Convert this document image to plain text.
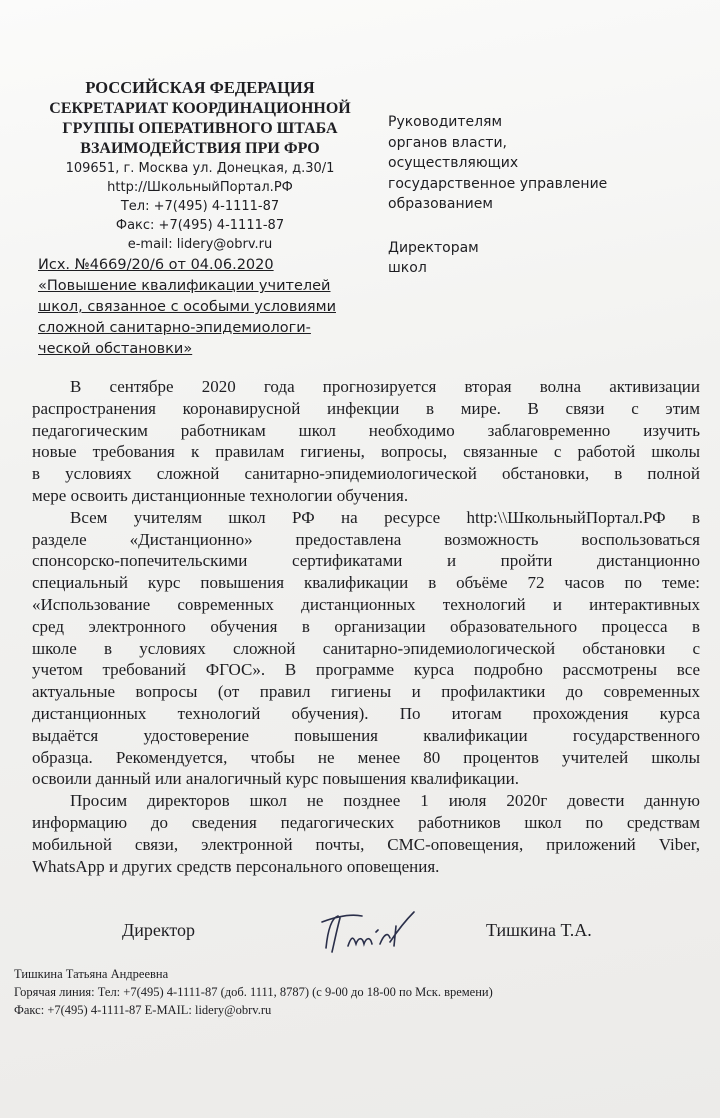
РОССИЙСКАЯ ФЕДЕРАЦИЯ
СЕКРЕТАРИАТ КООРДИНАЦИОННОЙ
ГРУППЫ ОПЕРАТИВНОГО ШТАБА
ВЗАИМОДЕЙСТВИЯ ПРИ ФРО
109651, г. Москва ул. Донецкая, д.30/1
http://ШкольныйПортал.РФ
Тел: +7(495) 4-1111-87
Факс: +7(495) 4-1111-87
e-mail: lidery@obrv.ru
Исх. №4669/20/6 от 04.06.2020
«Повышение квалификации учителей
школ, связанное с особыми условиями
сложной санитарно-эпидемиологи-
ческой обстановки»
Руководителям
органов власти,
осуществляющих
государственное управление
образованием
Директорам
школ
В сентябре 2020 года прогнозируется вторая волна активизации
распространения коронавирусной инфекции в мире. В связи с этим
педагогическим работникам школ необходимо заблаговременно изучить
новые требования к правилам гигиены, вопросы, связанные с работой школы
в условиях сложной санитарно-эпидемиологической обстановки, в полной
мере освоить дистанционные технологии обучения.
Всем учителям школ РФ на ресурсе http:\\ШкольныйПортал.РФ в
разделе «Дистанционно» предоставлена возможность воспользоваться
спонсорско-попечительскими сертификатами и пройти дистанционно
специальный курс повышения квалификации в объёме 72 часов по теме:
«Использование современных дистанционных технологий и интерактивных
сред электронного обучения в организации образовательного процесса в
школе в условиях сложной санитарно-эпидемиологической обстановки с
учетом требований ФГОС». В программе курса подробно рассмотрены все
актуальные вопросы (от правил гигиены и профилактики до современных
дистанционных технологий обучения). По итогам прохождения курса
выдаётся удостоверение повышения квалификации государственного
образца. Рекомендуется, чтобы не менее 80 процентов учителей школы
освоили данный или аналогичный курс повышения квалификации.
Просим директоров школ не позднее 1 июля 2020г довести данную
информацию до сведения педагогических работников школ по средствам
мобильной связи, электронной почты, СМС-оповещения, приложений Viber,
WhatsApp и других средств персонального оповещения.
Директор	Тишкина Т.А.
Тишкина Татьяна Андреевна
Горячая линия: Тел: +7(495) 4-1111-87 (доб. 1111, 8787) (с 9-00 до 18-00 по Мск. времени)
Факс: +7(495) 4-1111-87 E-MAIL: lidery@obrv.ru
